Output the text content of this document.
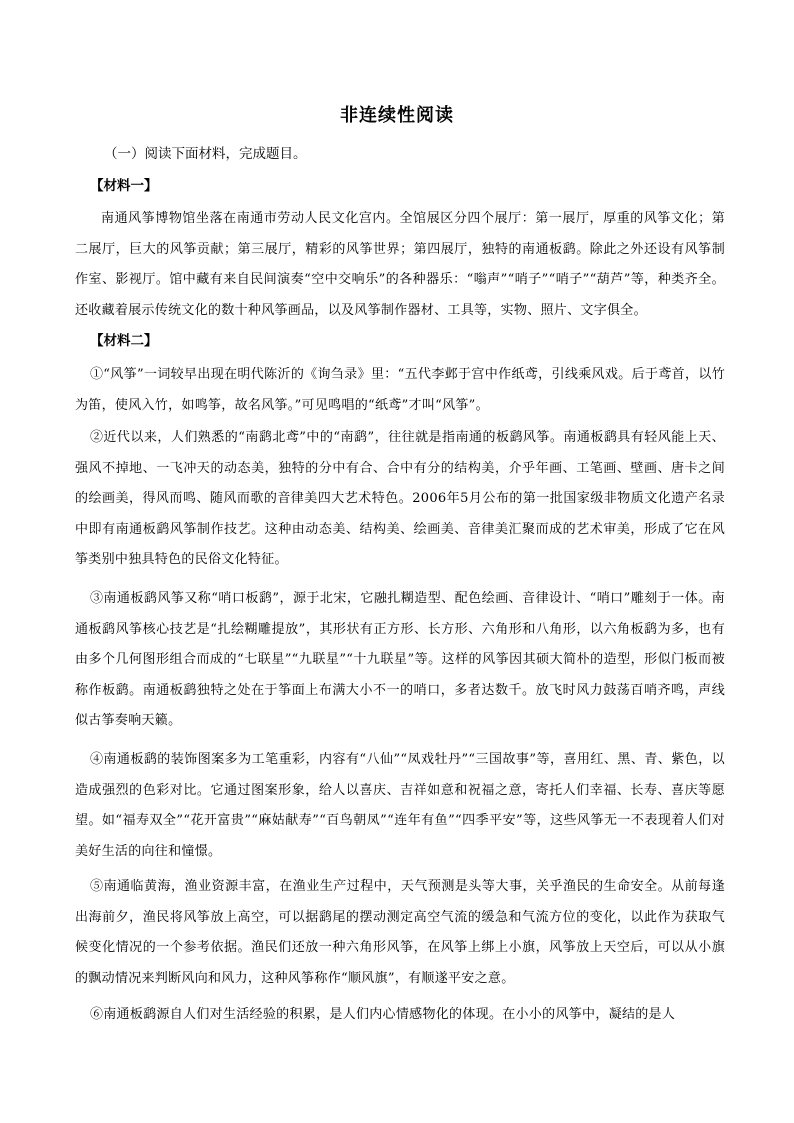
非连续性阅读
（一）阅读下面材料，完成题目。
【材料一】

南通风筝博物馆坐落在南通市劳动人民文化宫内。全馆展区分四个展厅：第一展厅，厚重的风筝文化；第二展厅，巨大的风筝贡献；第三展厅，精彩的风筝世界；第四展厅，独特的南通板鹞。除此之外还设有风筝制作室、影视厅。馆中藏有来自民间演奏“空中交响乐”的各种器乐：“嗡声”“哨子”“哨子”“葫芦”等，种类齐全。还收藏着展示传统文化的数十种风筝画品，以及风筝制作器材、工具等，实物、照片、文字俱全。

【材料二】

①“风筝”一词较早出现在明代陈沂的《询刍录》里：“五代李邺于宫中作纸鸢，引线乘风戏。后于鸢首，以竹为笛，使风入竹，如鸣筝，故名风筝。”可见鸣唱的“纸鸢”才叫“风筝”。

②近代以来，人们熟悉的“南鹞北鸢”中的“南鹞”，往往就是指南通的板鹞风筝。南通板鹞具有轻风能上天、强风不掉地、一飞冲天的动态美，独特的分中有合、合中有分的结构美，介乎年画、工笔画、壁画、唐卡之间的绘画美，得风而鸣、随风而歌的音律美四大艺术特色。2006年5月公布的第一批国家级非物质文化遗产名录中即有南通板鹞风筝制作技艺。这种由动态美、结构美、绘画美、音律美汇聚而成的艺术审美，形成了它在风筝类别中独具特色的民俗文化特征。

③南通板鹞风筝又称“哨口板鹞”，源于北宋，它融扎糊造型、配色绘画、音律设计、“哨口”雕刻于一体。南通板鹞风筝核心技艺是“扎绘糊雕提放”，其形状有正方形、长方形、六角形和八角形，以六角板鹞为多，也有由多个几何图形组合而成的“七联星”“九联星”“十九联星”等。这样的风筝因其硕大简朴的造型，形似门板而被称作板鹞。南通板鹞独特之处在于筝面上布满大小不一的哨口，多者达数千。放飞时风力鼓荡百哨齐鸣，声线似古筝奏响天籁。

④南通板鹞的装饰图案多为工笔重彩，内容有“八仙”“凤戏牡丹”“三国故事”等，喜用红、黑、青、紫色，以造成强烈的色彩对比。它通过图案形象，给人以喜庆、吉祥如意和祝福之意，寄托人们幸福、长寿、喜庆等愿望。如“福寿双全”“花开富贵”“麻姑献寿”“百鸟朝凤”“连年有鱼”“四季平安”等，这些风筝无一不表现着人们对美好生活的向往和憧憬。

⑤南通临黄海，渔业资源丰富，在渔业生产过程中，天气预测是头等大事，关乎渔民的生命安全。从前每逢出海前夕，渔民将风筝放上高空，可以据鹞尾的摆动测定高空气流的缓急和气流方位的变化，以此作为获取气候变化情况的一个参考依据。渔民们还放一种六角形风筝，在风筝上绑上小旗，风筝放上天空后，可以从小旗的飘动情况来判断风向和风力，这种风筝称作“顺风旗”，有顺遂平安之意。

⑥南通板鹞源自人们对生活经验的积累，是人们内心情感物化的体现。在小小的风筝中，凝结的是人
